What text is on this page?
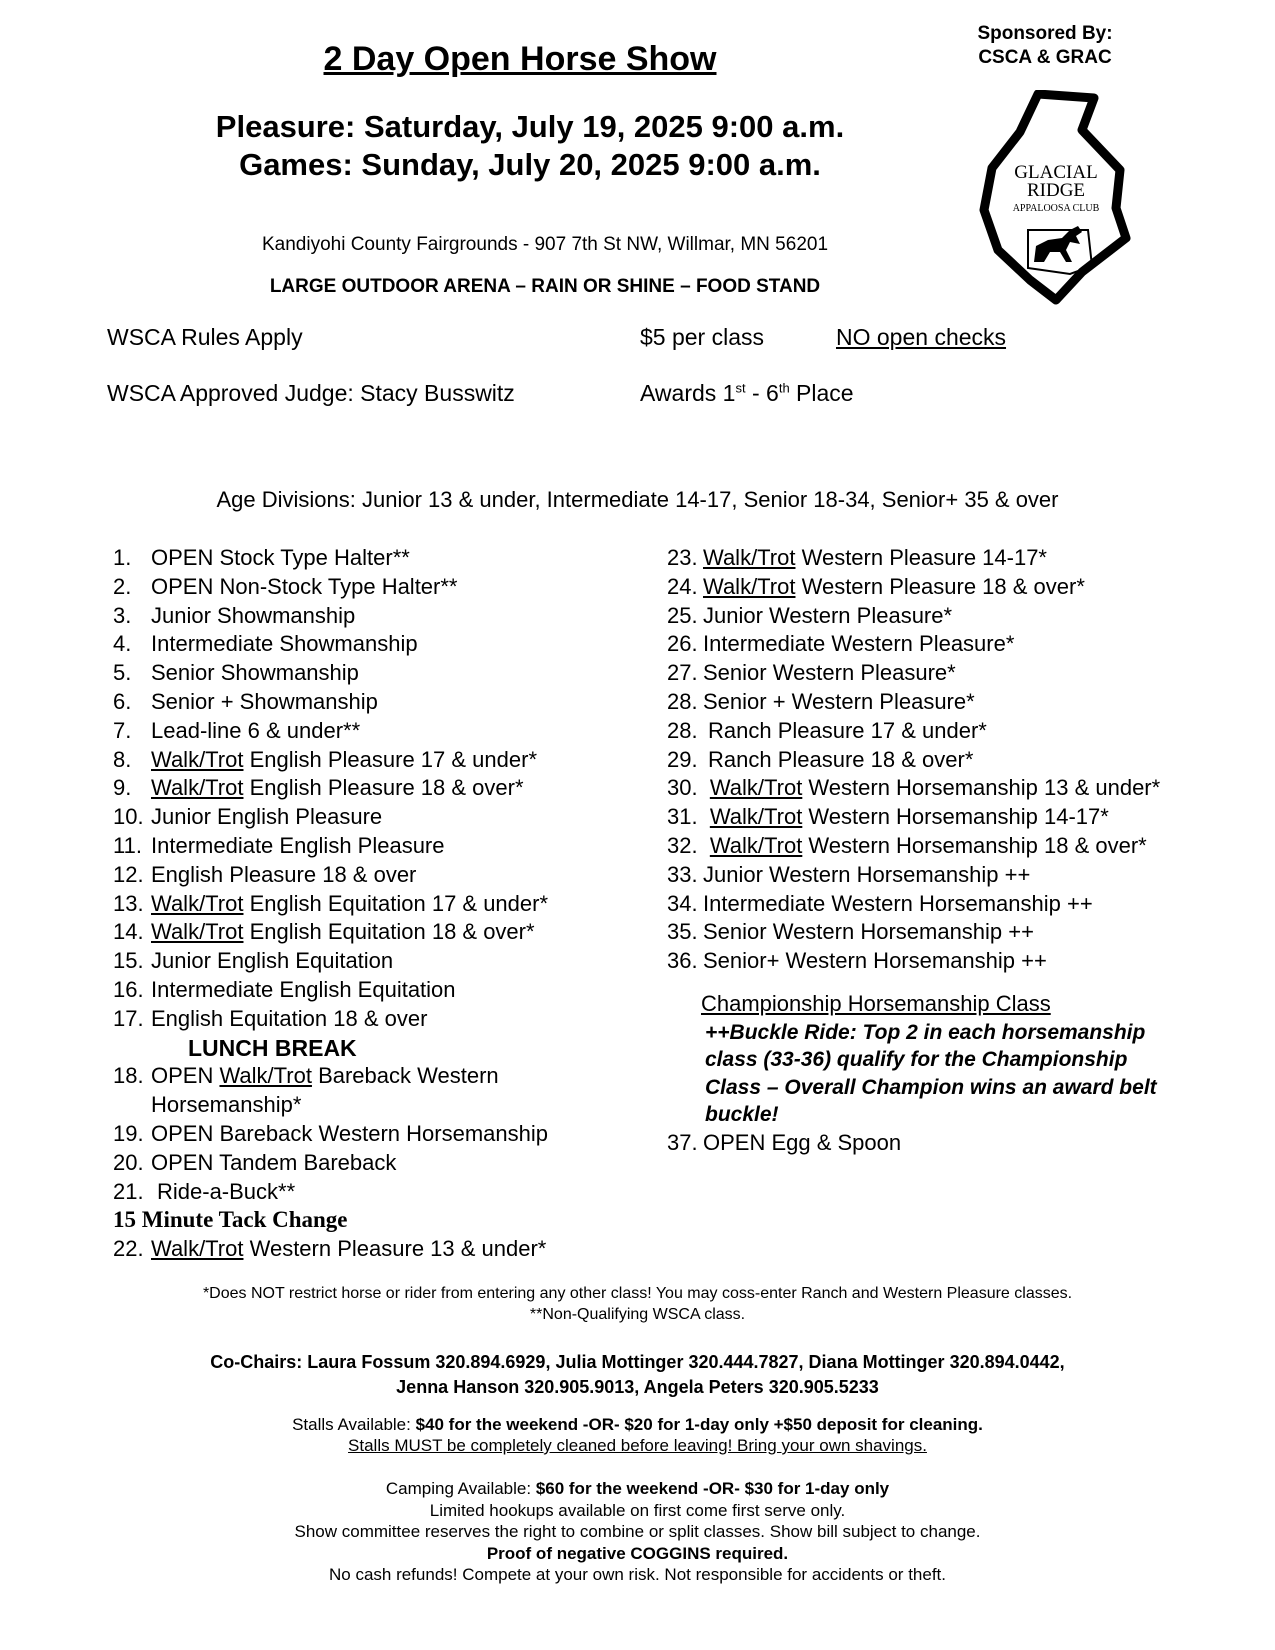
2 Day Open Horse Show
Sponsored By:
CSCA & GRAC
Pleasure: Saturday, July 19, 2025 9:00 a.m.
Games: Sunday, July 20, 2025 9:00 a.m.	GLACIAL
RIDGE
APPALOOSA CLUB
Kandiyohi County Fairgrounds - 907 7th St NW, Willmar, MN 56201
LARGE OUTDOOR ARENA – RAIN OR SHINE – FOOD STAND
WSCA Rules Apply	$5 per class	NO open checks
WSCA Approved Judge: Stacy Busswitz	Awards 1st - 6th Place
Age Divisions: Junior 13 & under, Intermediate 14-17, Senior 18-34, Senior+ 35 & over
1. OPEN Stock Type Halter**
2. OPEN Non-Stock Type Halter**
3. Junior Showmanship
4. Intermediate Showmanship
5. Senior Showmanship
6. Senior + Showmanship
7. Lead-line 6 & under**
8. Walk/Trot English Pleasure 17 & under*
9. Walk/Trot English Pleasure 18 & over*
10. Junior English Pleasure
11. Intermediate English Pleasure
12. English Pleasure 18 & over
13. Walk/Trot English Equitation 17 & under*
14. Walk/Trot English Equitation 18 & over*
15. Junior English Equitation
16. Intermediate English Equitation
17. English Equitation 18 & over
LUNCH BREAK
18. OPEN Walk/Trot Bareback Western Horsemanship*
19. OPEN Bareback Western Horsemanship
20. OPEN Tandem Bareback
21. Ride-a-Buck**
15 Minute Tack Change
22. Walk/Trot Western Pleasure 13 & under*
23. Walk/Trot Western Pleasure 14-17*
24. Walk/Trot Western Pleasure 18 & over*
25. Junior Western Pleasure*
26. Intermediate Western Pleasure*
27. Senior Western Pleasure*
28. Senior + Western Pleasure*
28. Ranch Pleasure 17 & under*
29. Ranch Pleasure 18 & over*
30. Walk/Trot Western Horsemanship 13 & under*
31. Walk/Trot Western Horsemanship 14-17*
32. Walk/Trot Western Horsemanship 18 & over*
33. Junior Western Horsemanship ++
34. Intermediate Western Horsemanship ++
35. Senior Western Horsemanship ++
36. Senior+ Western Horsemanship ++
Championship Horsemanship Class
++Buckle Ride: Top 2 in each horsemanship class (33-36) qualify for the Championship Class – Overall Champion wins an award belt buckle!
37. OPEN Egg & Spoon
*Does NOT restrict horse or rider from entering any other class! You may coss-enter Ranch and Western Pleasure classes.
**Non-Qualifying WSCA class.
Co-Chairs: Laura Fossum 320.894.6929, Julia Mottinger 320.444.7827, Diana Mottinger 320.894.0442,
Jenna Hanson 320.905.9013, Angela Peters 320.905.5233
Stalls Available: $40 for the weekend -OR- $20 for 1-day only +$50 deposit for cleaning.
Stalls MUST be completely cleaned before leaving! Bring your own shavings.
Camping Available: $60 for the weekend -OR- $30 for 1-day only
Limited hookups available on first come first serve only.
Show committee reserves the right to combine or split classes. Show bill subject to change.
Proof of negative COGGINS required.
No cash refunds! Compete at your own risk. Not responsible for accidents or theft.
